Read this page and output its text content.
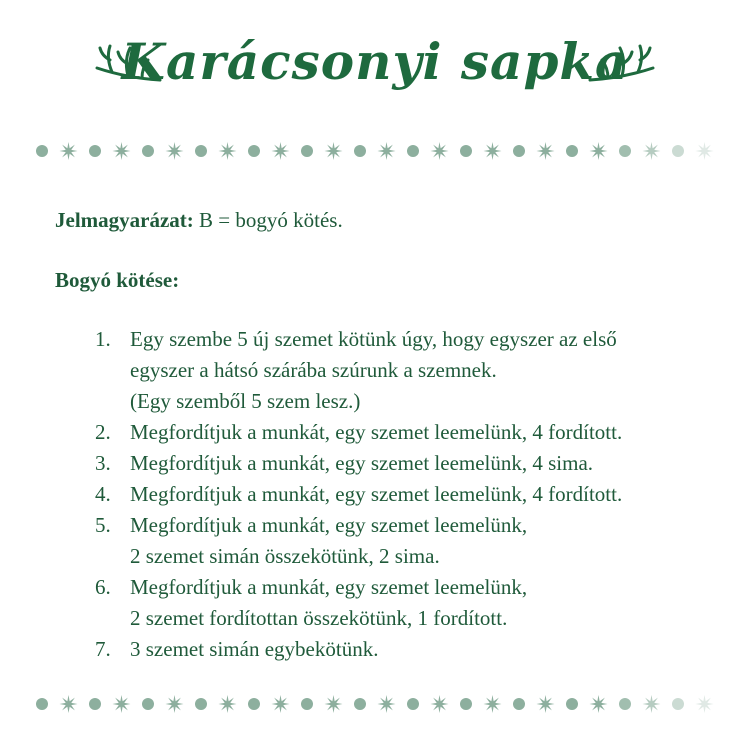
Karácsonyi sapka
Jelmagyarázat: B = bogyó kötés.
Bogyó kötése:
1. Egy szembe 5 új szemet kötünk úgy, hogy egyszer az első
egyszer a hátsó szárába szúrunk a szemnek.
(Egy szemből 5 szem lesz.)
2. Megfordítjuk a munkát, egy szemet leemelünk, 4 fordított.
3. Megfordítjuk a munkát, egy szemet leemelünk, 4 sima.
4. Megfordítjuk a munkát, egy szemet leemelünk, 4 fordított.
5. Megfordítjuk a munkát, egy szemet leemelünk,
2 szemet simán összekötünk, 2 sima.
6. Megfordítjuk a munkát, egy szemet leemelünk,
2 szemet fordítottan összekötünk, 1 fordított.
7. 3 szemet simán egybekötünk.
